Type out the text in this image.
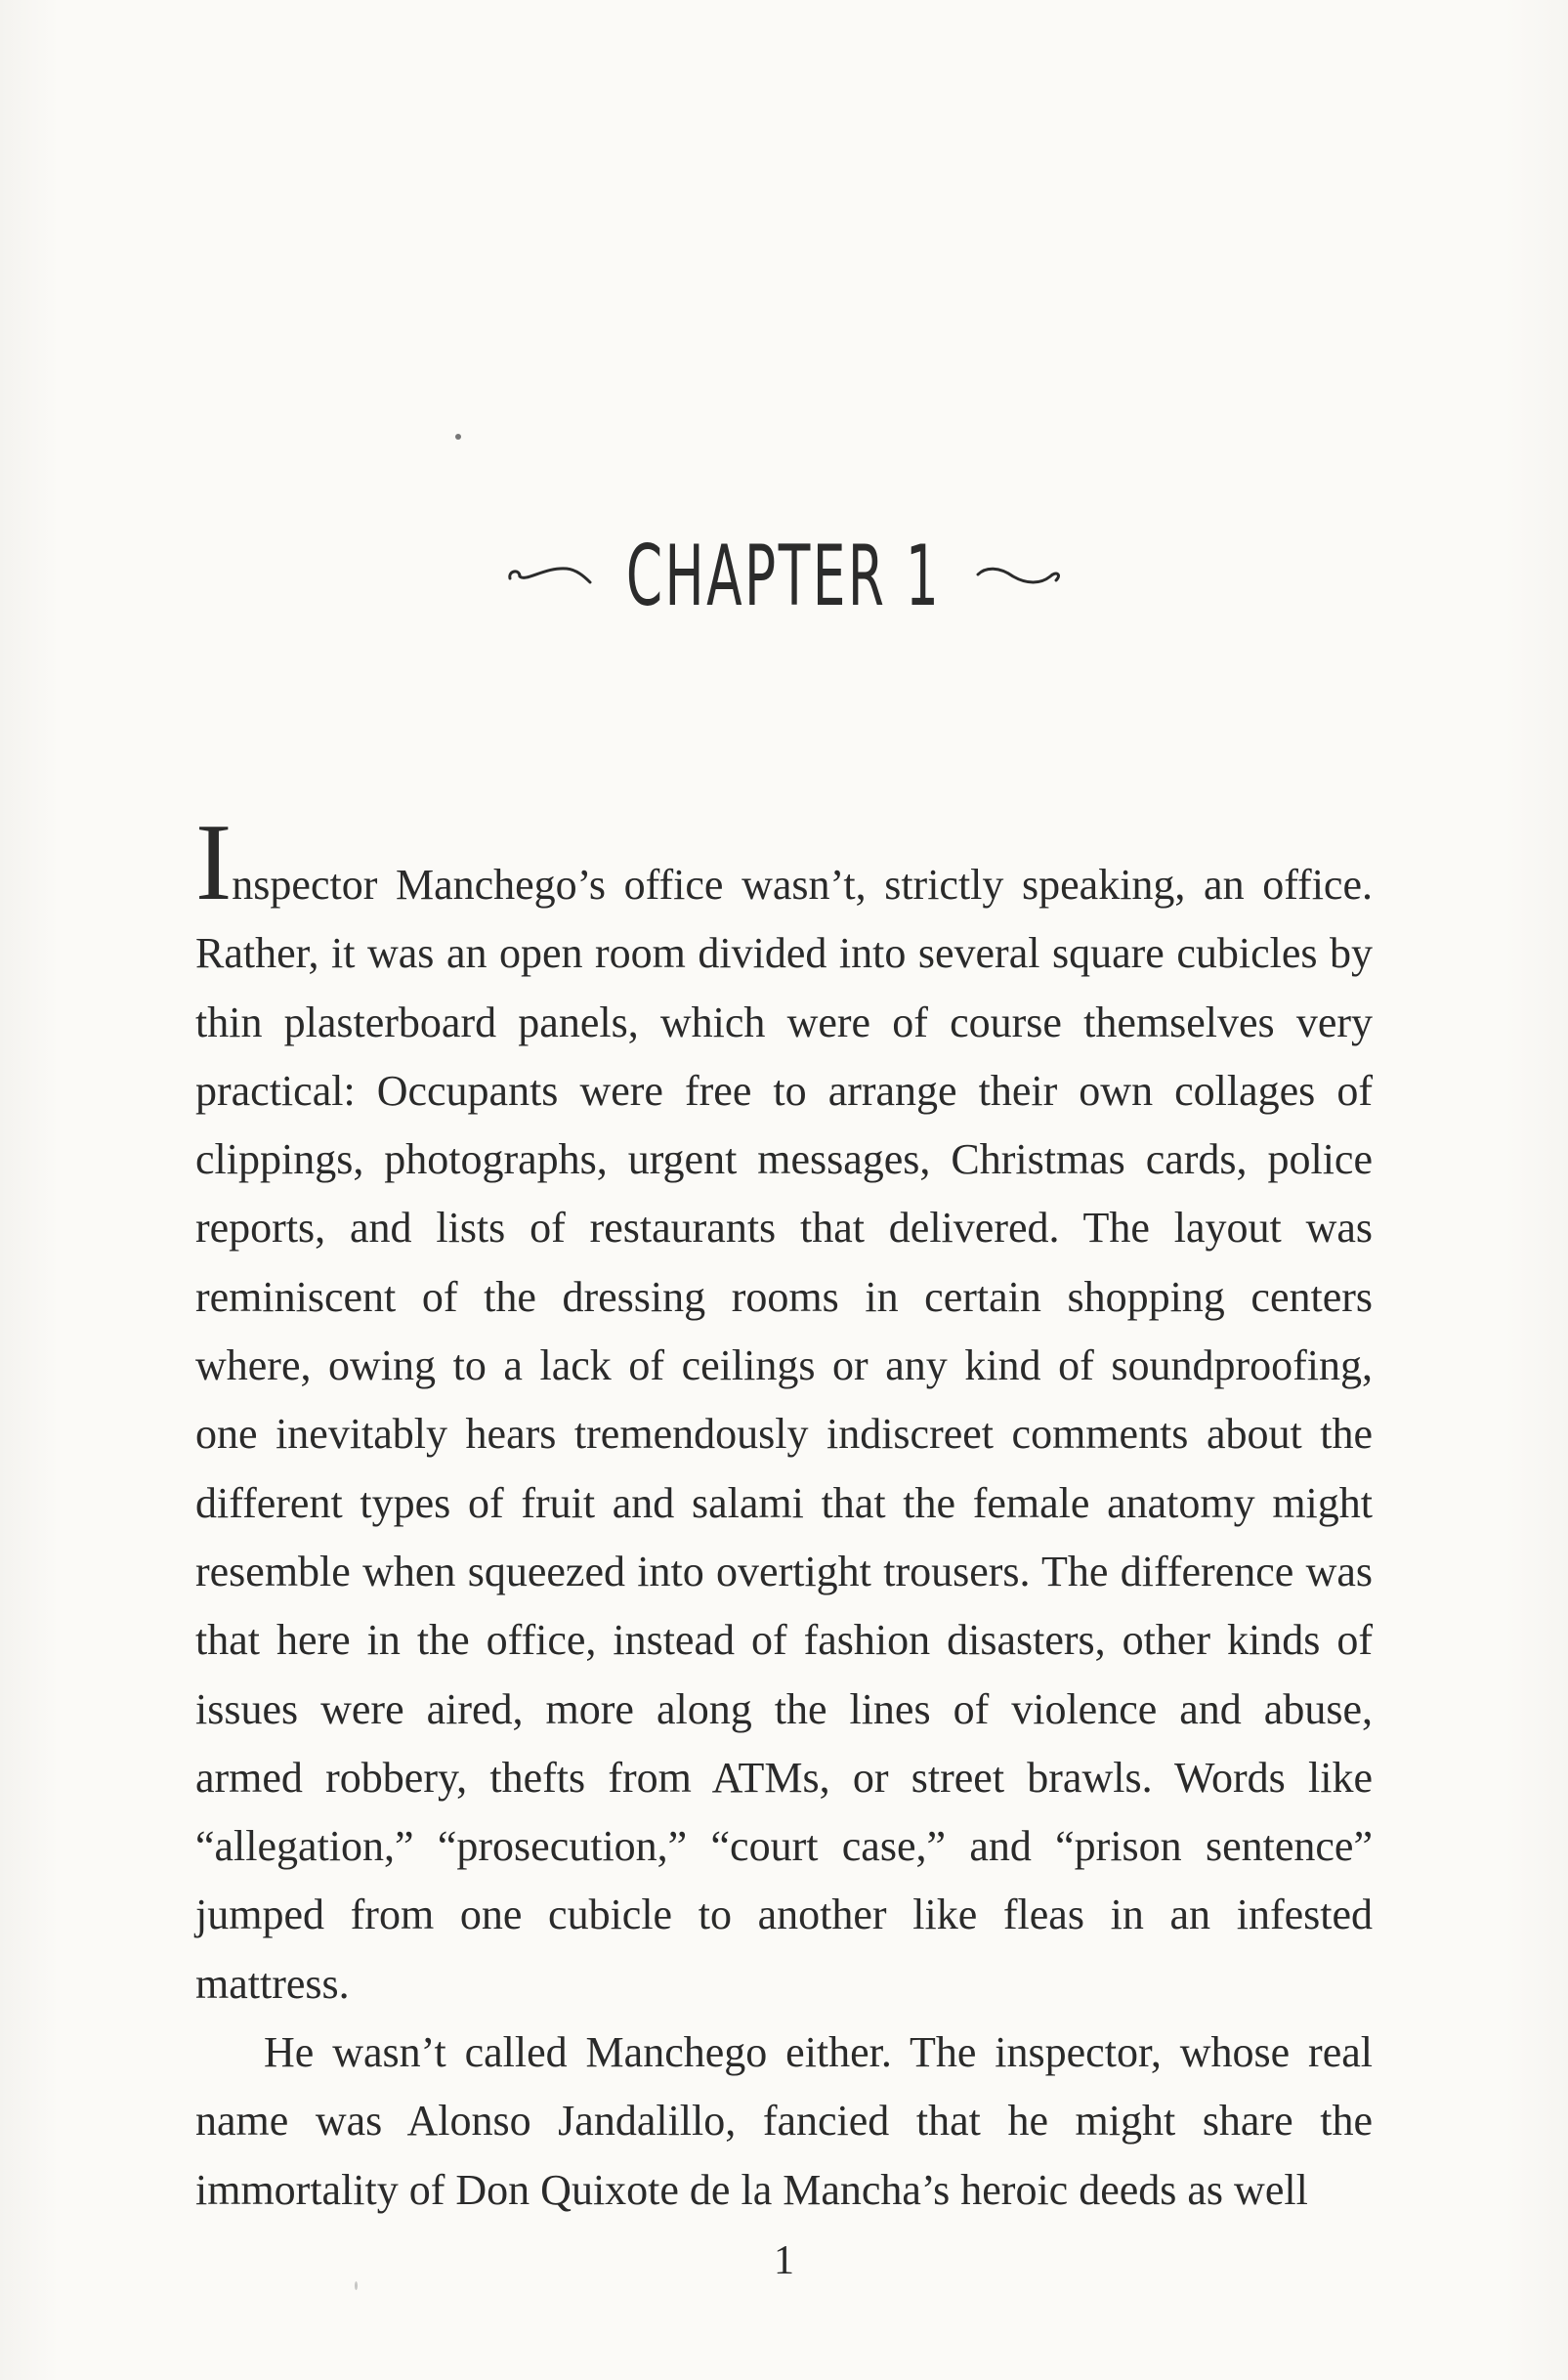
CHAPTER 1

Inspector Manchego’s office wasn’t, strictly speaking, an office. Rather, it was an open room divided into several square cubicles by thin plasterboard panels, which were of course themselves very practical: Occupants were free to arrange their own collages of clippings, photographs, urgent messages, Christmas cards, police reports, and lists of restaurants that delivered. The layout was reminiscent of the dressing rooms in certain shopping centers where, owing to a lack of ceilings or any kind of soundproofing, one inevitably hears tremendously indiscreet comments about the different types of fruit and salami that the female anatomy might resemble when squeezed into overtight trousers. The difference was that here in the office, instead of fashion disasters, other kinds of issues were aired, more along the lines of violence and abuse, armed robbery, thefts from ATMs, or street brawls. Words like “allegation,” “prosecution,” “court case,” and “prison sentence” jumped from one cubicle to another like fleas in an infested mattress.

He wasn’t called Manchego either. The inspector, whose real name was Alonso Jandalillo, fancied that he might share the immortality of Don Quixote de la Mancha’s heroic deeds as well

1
